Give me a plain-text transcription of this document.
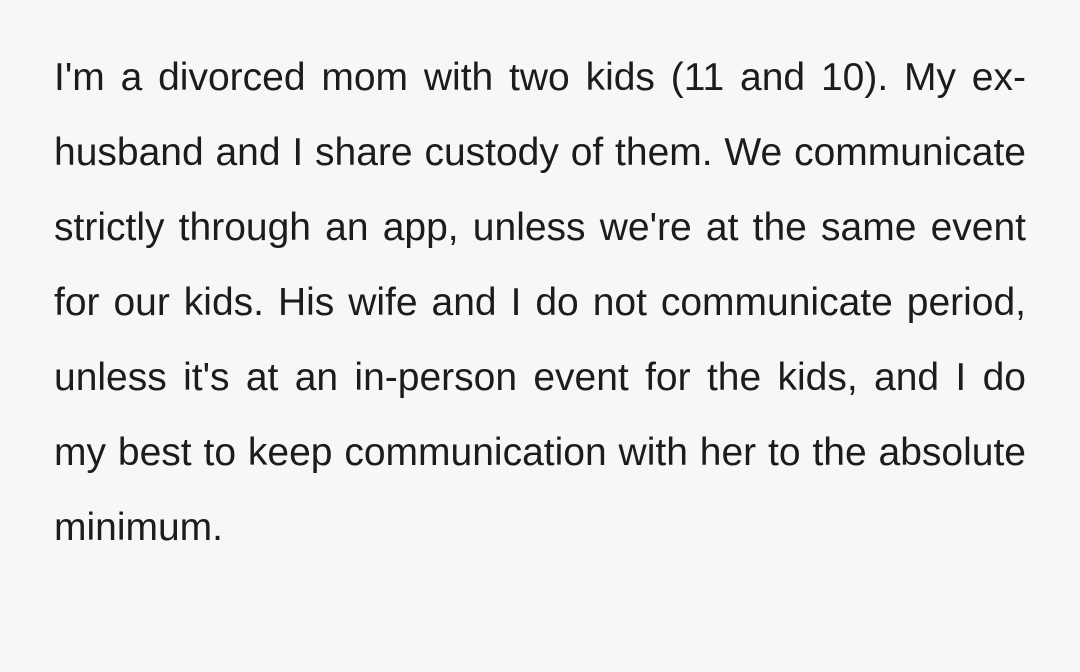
I'm a divorced mom with two kids (11 and 10). My ex-husband and I share custody of them. We communicate strictly through an app, unless we're at the same event for our kids. His wife and I do not communicate period, unless it's at an in-person event for the kids, and I do my best to keep communication with her to the absolute minimum.
